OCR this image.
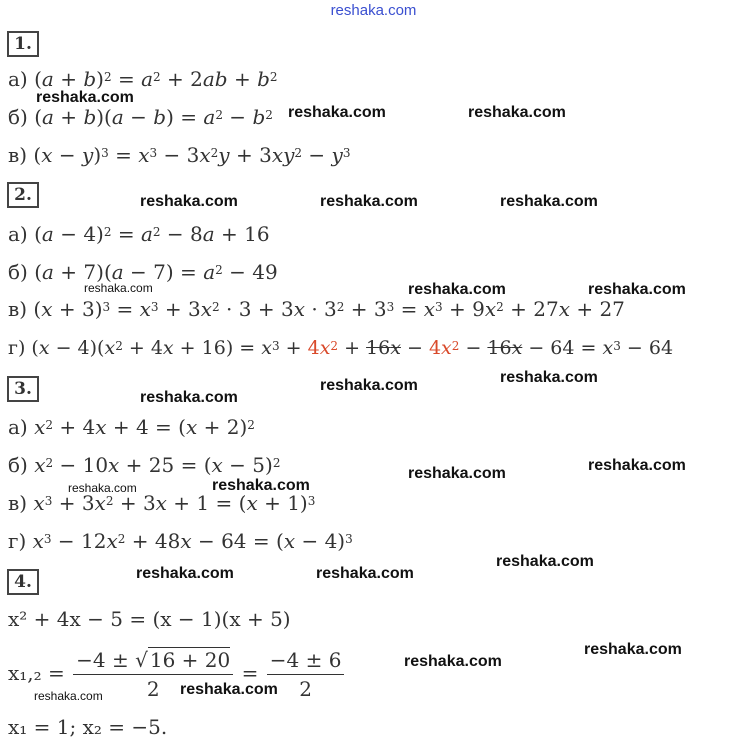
reshaka.com
1.
а) $(a + b)^2 = a^2 + 2ab + b^2$
б) $(a + b)(a - b) = a^2 - b^2$
в) $(x - y)^3 = x^3 - 3x^2y + 3xy^2 - y^3$
2.
а) $(a - 4)^2 = a^2 - 8a + 16$
б) $(a + 7)(a - 7) = a^2 - 49$
в) $(x + 3)^3 = x^3 + 3x^2 \cdot 3 + 3x \cdot 3^2 + 3^3 = x^3 + 9x^2 + 27x + 27$
г) $(x - 4)(x^2 + 4x + 16) = x^3 + 4x^2 + 16x - 4x^2 - 16x - 64 = x^3 - 64$
3.
а) $x^2 + 4x + 4 = (x + 2)^2$
б) $x^2 - 10x + 25 = (x - 5)^2$
в) $x^3 + 3x^2 + 3x + 1 = (x + 1)^3$
г) $x^3 - 12x^2 + 48x - 64 = (x - 4)^3$
4.
x² + 4x − 5 = (x − 1)(x + 5)
$x_1,_2 = \frac{-4 \pm √ 16 + 20}{2} = \frac{-4 \pm 6}{2}$
x₁ = 1; x₂ = −5.
reshaka.com
reshaka.com	reshaka.com
reshaka.com	reshaka.com	reshaka.com
reshaka.com	reshaka.com	reshaka.com
reshaka.com
reshaka.com	reshaka.com
reshaka.com	reshaka.com
reshaka.com	reshaka.com
reshaka.com	reshaka.com
reshaka.com
reshaka.com
reshaka.com
reshaka.com	reshaka.com
